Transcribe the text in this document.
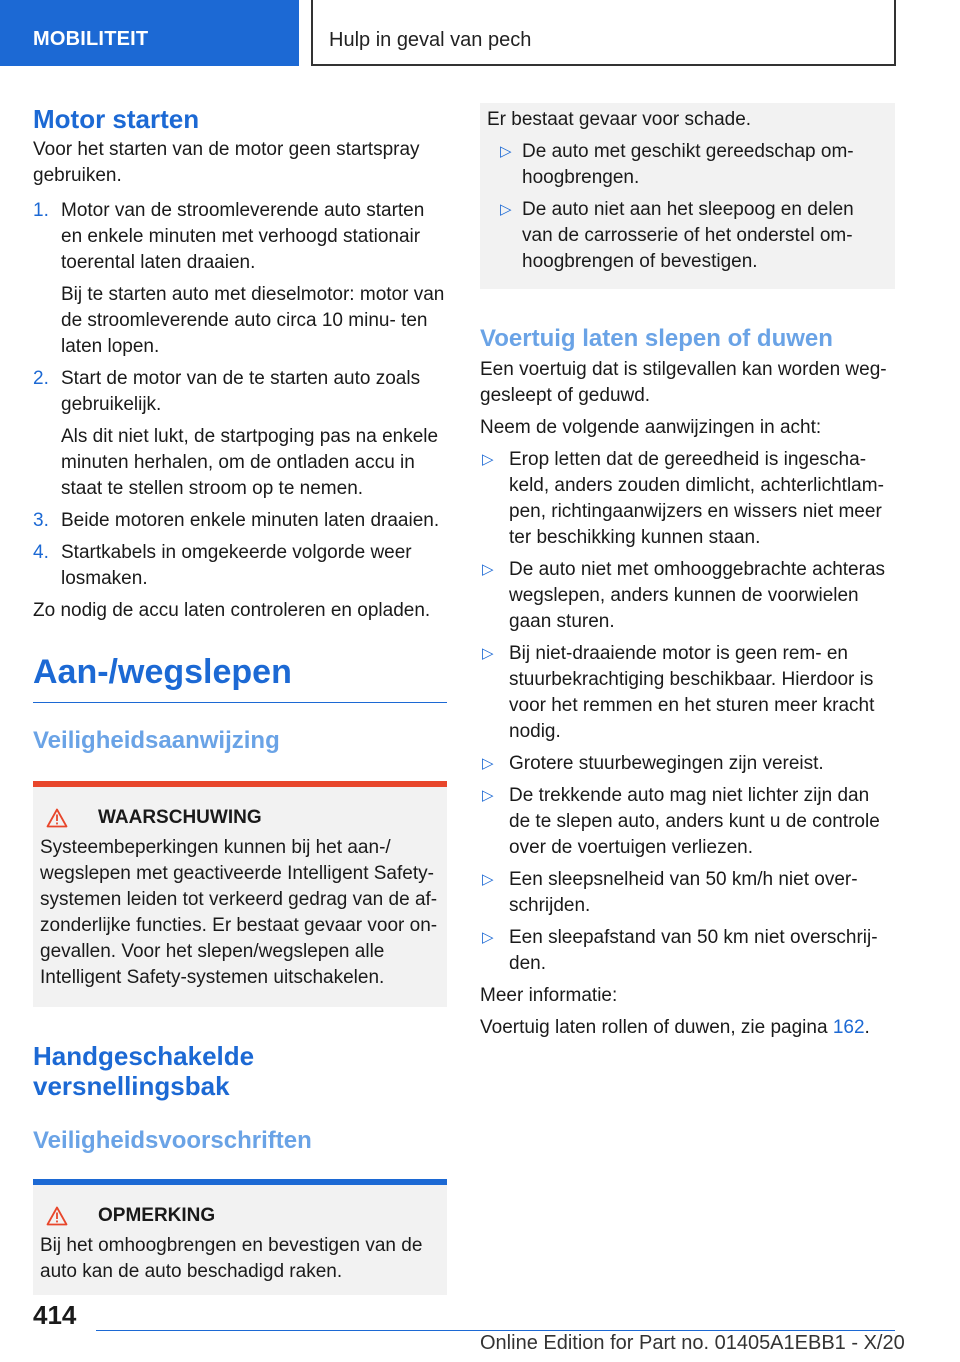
MOBILITEIT	Hulp in geval van pech
Motor starten

Voor het starten van de motor geen startspray gebruiken.

1. Motor van de stroomleverende auto starten en enkele minuten met verhoogd stationair toerental laten draaien.
Bij te starten auto met dieselmotor: motor van de stroomleverende auto circa 10 minu‐ ten laten lopen.
2. Start de motor van de te starten auto zoals gebruikelijk.
Als dit niet lukt, de startpoging pas na enkele minuten herhalen, om de ontladen accu in staat te stellen stroom op te nemen.
3. Beide motoren enkele minuten laten draaien.
4. Startkabels in omgekeerde volgorde weer losmaken.

Zo nodig de accu laten controleren en opladen.

Aan-/wegslepen
Veiligheidsaanwijzing
WAARSCHUWING
Systeembeperkingen kunnen bij het aan-/ wegslepen met geactiveerde Intelligent Safety- systemen leiden tot verkeerd gedrag van de af‐ zonderlijke functies. Er bestaat gevaar voor on‐ gevallen. Voor het slepen/wegslepen alle Intelligent Safety-systemen uitschakelen.
Handgeschakelde versnellingsbak
Veiligheidsvoorschriften
OPMERKING
Bij het omhoogbrengen en bevestigen van de auto kan de auto beschadigd raken.
Er bestaat gevaar voor schade.
▷ De auto met geschikt gereedschap om‐ hoogbrengen.
▷ De auto niet aan het sleepoog en delen van de carrosserie of het onderstel om‐ hoogbrengen of bevestigen.
Voertuig laten slepen of duwen

Een voertuig dat is stilgevallen kan worden weg‐ gesleept of geduwd.

Neem de volgende aanwijzingen in acht:

▷ Erop letten dat de gereedheid is ingescha‐ keld, anders zouden dimlicht, achterlichtlam‐ pen, richtingaanwijzers en wissers niet meer ter beschikking kunnen staan.
▷ De auto niet met omhooggebrachte achteras wegslepen, anders kunnen de voorwielen gaan sturen.
▷ Bij niet-draaiende motor is geen rem- en stuurbekrachtiging beschikbaar. Hierdoor is voor het remmen en het sturen meer kracht nodig.
▷ Grotere stuurbewegingen zijn vereist.
▷ De trekkende auto mag niet lichter zijn dan de te slepen auto, anders kunt u de controle over de voertuigen verliezen.
▷ Een sleepsnelheid van 50 km/h niet over‐ schrijden.
▷ Een sleepafstand van 50 km niet overschrij‐ den.

Meer informatie:

Voertuig laten rollen of duwen, zie pagina 162.

414
Online Edition for Part no. 01405A1EBB1 - X/20
